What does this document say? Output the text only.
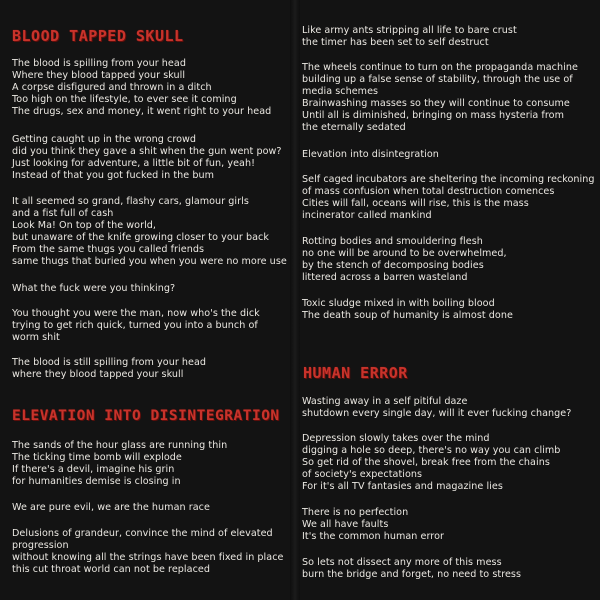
BLOOD TAPPED SKULL
The blood is spilling from your head
Where they blood tapped your skull
A corpse disfigured and thrown in a ditch
Too high on the lifestyle, to ever see it coming
The drugs, sex and money, it went right to your head
Getting caught up in the wrong crowd
did you think they gave a shit when the gun went pow?
Just looking for adventure, a little bit of fun, yeah!
Instead of that you got fucked in the bum
It all seemed so grand, flashy cars, glamour girls
and a fist full of cash
Look Ma! On top of the world,
but unaware of the knife growing closer to your back
From the same thugs you called friends
same thugs that buried you when you were no more use
What the fuck were you thinking?
You thought you were the man, now who's the dick
trying to get rich quick, turned you into a bunch of
worm shit
The blood is still spilling from your head
where they blood tapped your skull
ELEVATION INTO DISINTEGRATION
The sands of the hour glass are running thin
The ticking time bomb will explode
If there's a devil, imagine his grin
for humanities demise is closing in
We are pure evil, we are the human race
Delusions of grandeur, convince the mind of elevated
progression
without knowing all the strings have been fixed in place
this cut throat world can not be replaced
Like army ants stripping all life to bare crust
the timer has been set to self destruct
The wheels continue to turn on the propaganda machine
building up a false sense of stability, through the use of
media schemes
Brainwashing masses so they will continue to consume
Until all is diminished, bringing on mass hysteria from
the eternally sedated
Elevation into disintegration
Self caged incubators are sheltering the incoming reckoning
of mass confusion when total destruction comences
Cities will fall, oceans will rise, this is the mass
incinerator called mankind
Rotting bodies and smouldering flesh
no one will be around to be overwhelmed,
by the stench of decomposing bodies
littered across a barren wasteland
Toxic sludge mixed in with boiling blood
The death soup of humanity is almost done
HUMAN ERROR
Wasting away in a self pitiful daze
shutdown every single day, will it ever fucking change?
Depression slowly takes over the mind
digging a hole so deep, there's no way you can climb
So get rid of the shovel, break free from the chains
of society's expectations
For it's all TV fantasies and magazine lies
There is no perfection
We all have faults
It's the common human error
So lets not dissect any more of this mess
burn the bridge and forget, no need to stress
